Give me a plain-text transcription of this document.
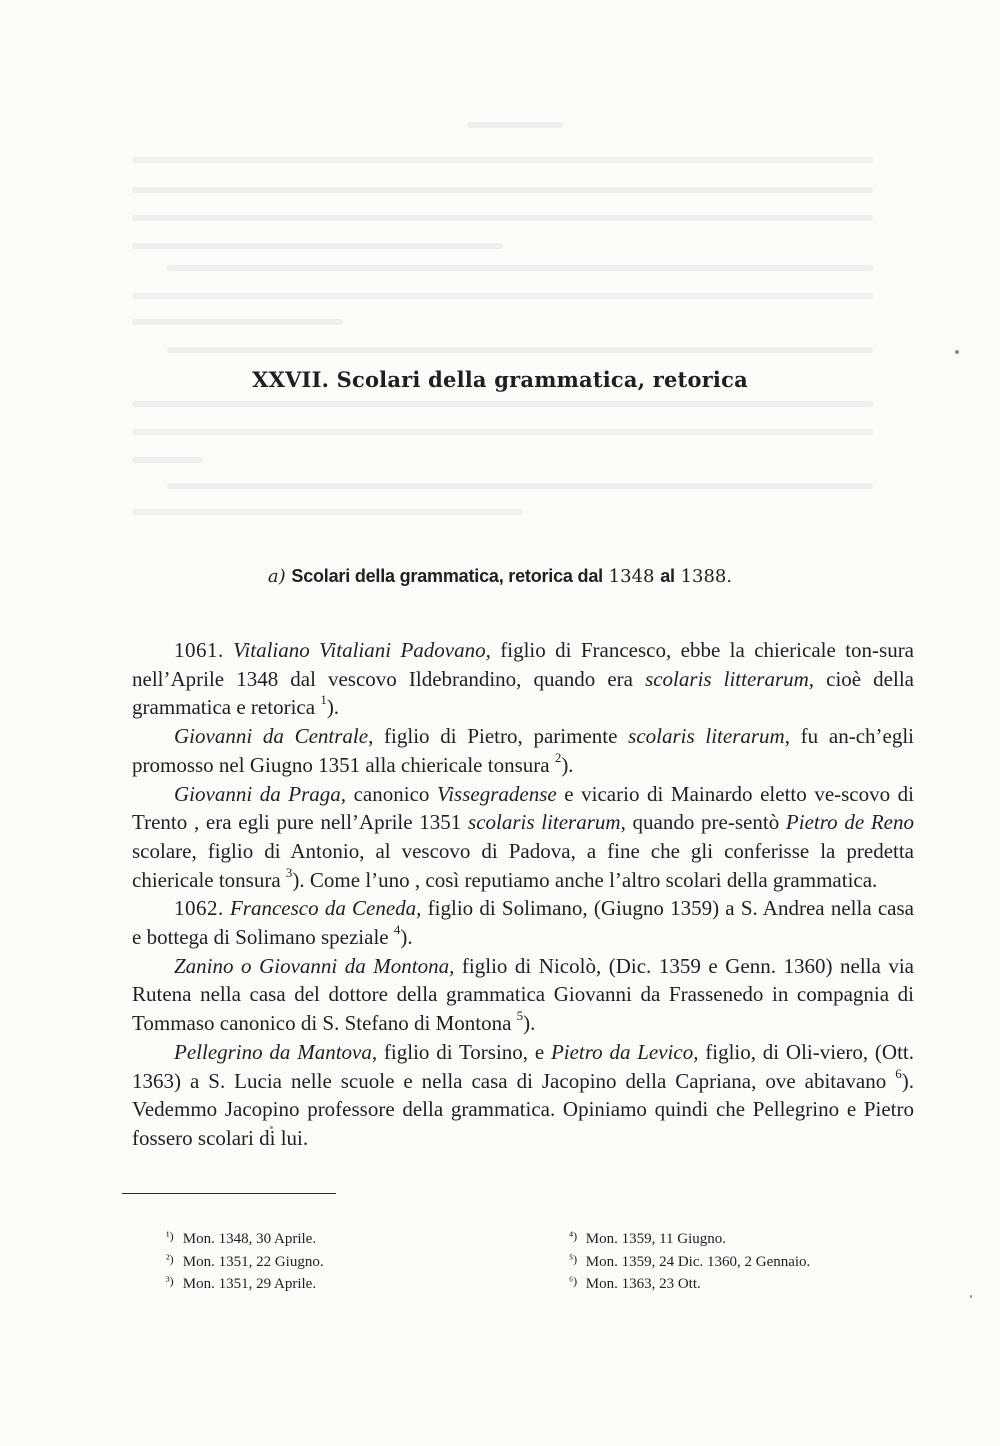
XXVII. Scolari della grammatica, retorica
a) Scolari della grammatica, retorica dal 1348 al 1388.

1061. Vitaliano Vitaliani Padovano, figlio di Francesco, ebbe la chiericale ton-sura nell’Aprile 1348 dal vescovo Ildebrandino, quando era scolaris litterarum, cioè della grammatica e retorica $^1$).

Giovanni da Centrale, figlio di Pietro, parimente scolaris literarum, fu an-ch’egli promosso nel Giugno 1351 alla chiericale tonsura $^2$).

Giovanni da Praga, canonico Vissegradense e vicario di Mainardo eletto ve-scovo di Trento , era egli pure nell’Aprile 1351 scolaris literarum, quando pre-sentò Pietro de Reno scolare, figlio di Antonio, al vescovo di Padova, a fine che gli conferisse la predetta chiericale tonsura $^3$). Come l’uno , così reputiamo anche l’altro scolari della grammatica.

1062. Francesco da Ceneda, figlio di Solimano, (Giugno 1359) a S. Andrea nella casa e bottega di Solimano speziale $^4$).

Zanino o Giovanni da Montona, figlio di Nicolò, (Dic. 1359 e Genn. 1360) nella via Rutena nella casa del dottore della grammatica Giovanni da Frassenedo in compagnia di Tommaso canonico di S. Stefano di Montona $^5$).

Pellegrino da Mantova, figlio di Torsino, e Pietro da Levico, figlio, di Oli-viero, (Ott. 1363) a S. Lucia nelle scuole e nella casa di Jacopino della Capriana, ove abitavano $^6$). Vedemmo Jacopino professore della grammatica. Opiniamo quindi che Pellegrino e Pietro fossero scolari di lui.

¹) Mon. 1348, 30 Aprile.
²) Mon. 1351, 22 Giugno.
³) Mon. 1351, 29 Aprile.
⁴) Mon. 1359, 11 Giugno.
⁵) Mon. 1359, 24 Dic. 1360, 2 Gennaio.
⁶) Mon. 1363, 23 Ott.
